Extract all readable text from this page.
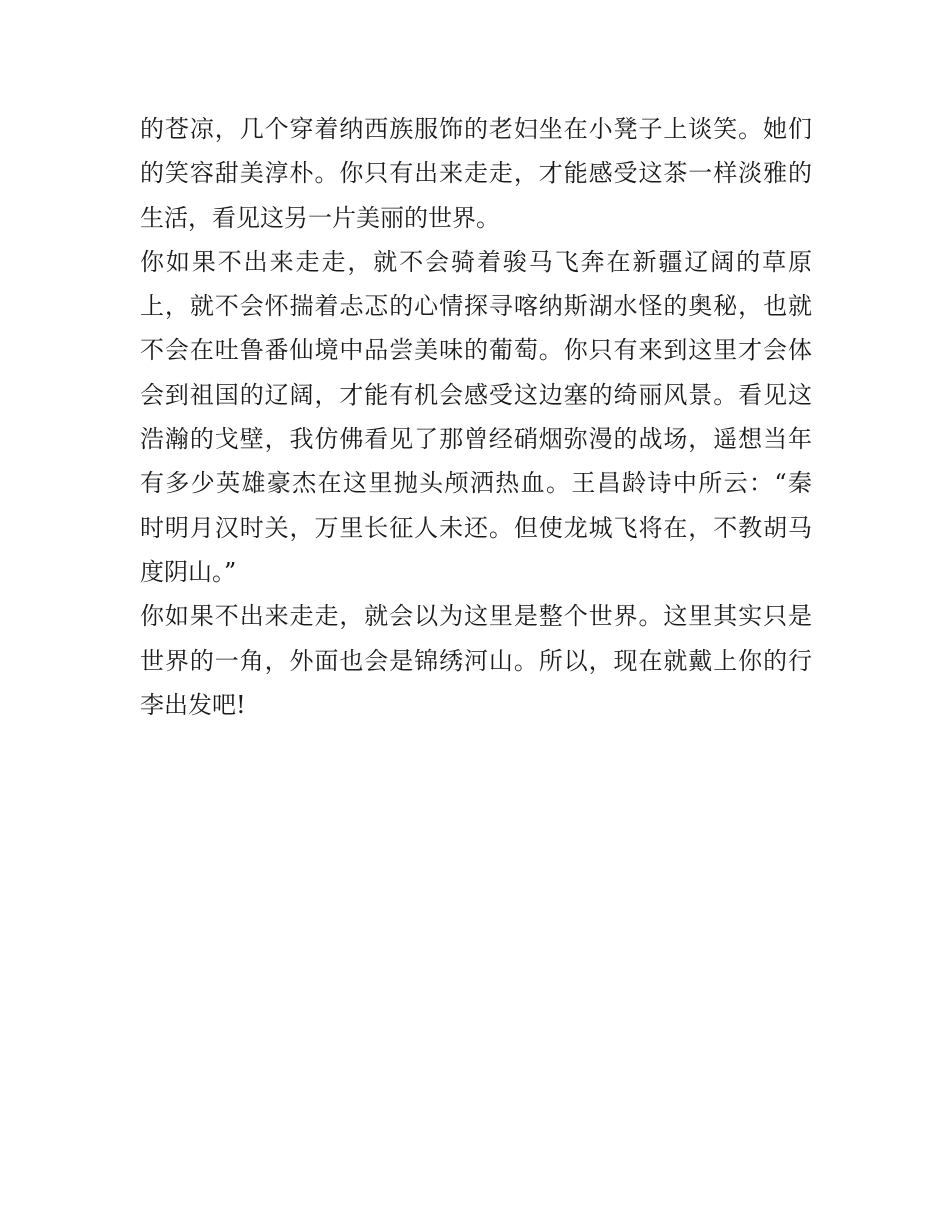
的苍凉，几个穿着纳西族服饰的老妇坐在小凳子上谈笑。她们
的笑容甜美淳朴。你只有出来走走，才能感受这茶一样淡雅的
生活，看见这另一片美丽的世界。
你如果不出来走走，就不会骑着骏马飞奔在新疆辽阔的草原
上，就不会怀揣着忐忑的心情探寻喀纳斯湖水怪的奥秘，也就
不会在吐鲁番仙境中品尝美味的葡萄。你只有来到这里才会体
会到祖国的辽阔，才能有机会感受这边塞的绮丽风景。看见这
浩瀚的戈壁，我仿佛看见了那曾经硝烟弥漫的战场，遥想当年
有多少英雄豪杰在这里抛头颅洒热血。王昌龄诗中所云：“秦
时明月汉时关，万里长征人未还。但使龙城飞将在，不教胡马
度阴山。”
你如果不出来走走，就会以为这里是整个世界。这里其实只是
世界的一角，外面也会是锦绣河山。所以，现在就戴上你的行
李出发吧!
